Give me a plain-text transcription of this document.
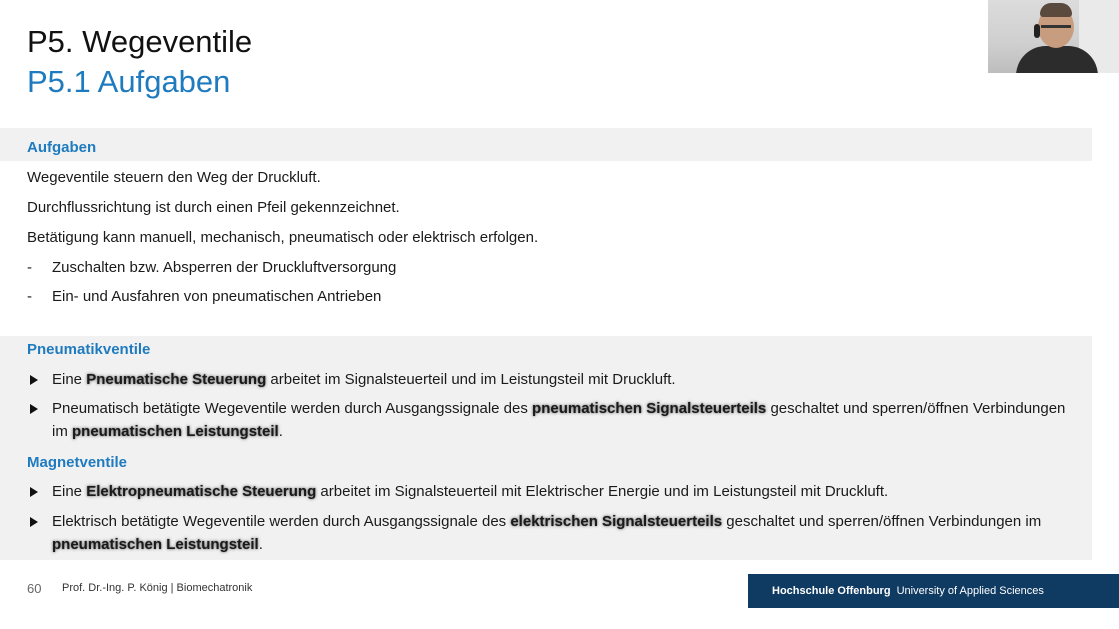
P5. Wegeventile
P5.1 Aufgaben
Aufgaben
Wegeventile steuern den Weg der Druckluft.
Durchflussrichtung ist durch einen Pfeil gekennzeichnet.
Betätigung kann manuell, mechanisch, pneumatisch oder elektrisch erfolgen.
- Zuschalten bzw. Absperren der Druckluftversorgung
- Ein- und Ausfahren von pneumatischen Antrieben
Pneumatikventile
Eine Pneumatische Steuerung arbeitet im Signalsteuerteil und im Leistungsteil mit Druckluft.
Pneumatisch betätigte Wegeventile werden durch Ausgangssignale des pneumatischen Signalsteuerteils geschaltet und sperren/öffnen Verbindungen im pneumatischen Leistungsteil.
Magnetventile
Eine Elektropneumatische Steuerung arbeitet im Signalsteuerteil mit Elektrischer Energie und im Leistungsteil mit Druckluft.
Elektrisch betätigte Wegeventile werden durch Ausgangssignale des elektrischen Signalsteuerteils geschaltet und sperren/öffnen Verbindungen im pneumatischen Leistungsteil.
60 Prof. Dr.-Ing. P. König | Biomechatronik	Hochschule Offenburg University of Applied Sciences
